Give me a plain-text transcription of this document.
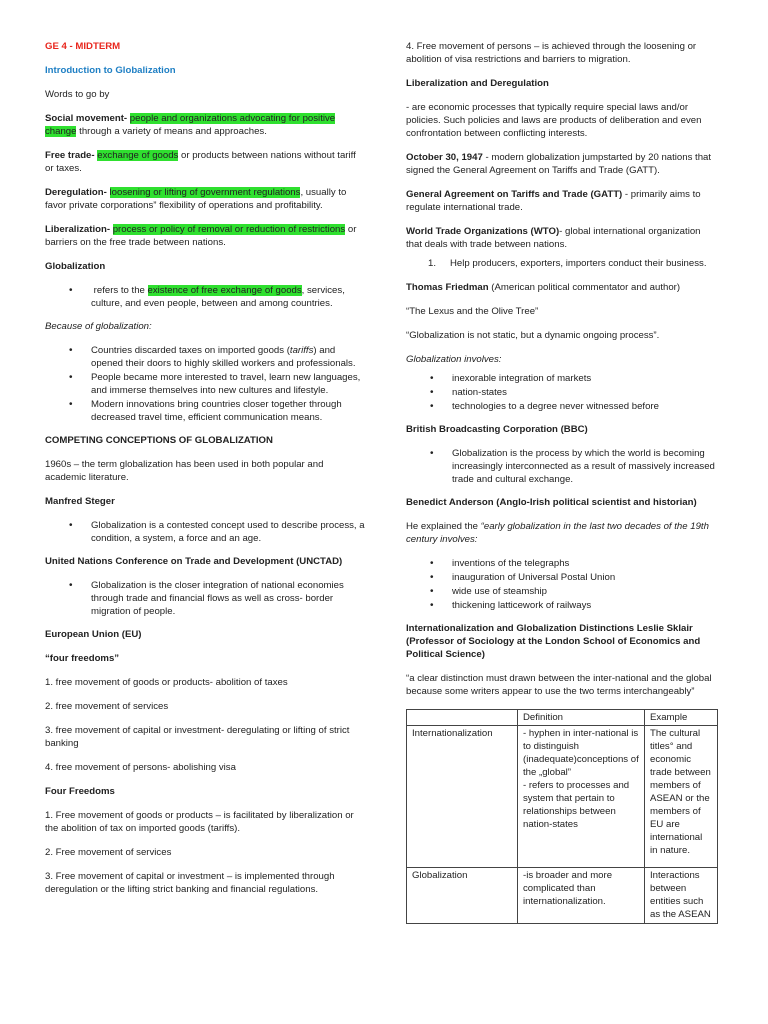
GE 4 - MIDTERM

Introduction to Globalization

Words to go by

Social movement- people and organizations advocating for positive change through a variety of means and approaches.

Free trade- exchange of goods or products between nations without tariff or taxes.

Deregulation- loosening or lifting of government regulations, usually to favor private corporations” flexibility of operations and profitability.

Liberalization- process or policy of removal or reduction of restrictions or barriers on the free trade between nations.

Globalization

• refers to the existence of free exchange of goods, services, culture, and even people, between and among countries.

Because of globalization:

• Countries discarded taxes on imported goods (tariffs) and opened their doors to highly skilled workers and professionals.
• People became more interested to travel, learn new languages, and immerse themselves into new cultures and lifestyle.
• Modern innovations bring countries closer together through decreased travel time, efficient communication means.

COMPETING CONCEPTIONS OF GLOBALIZATION

1960s – the term globalization has been used in both popular and academic literature.

Manfred Steger

• Globalization is a contested concept used to describe process, a condition, a system, a force and an age.

United Nations Conference on Trade and Development (UNCTAD)

• Globalization is the closer integration of national economies through trade and financial flows as well as cross- border migration of people.

European Union (EU)

“four freedoms”

1. free movement of goods or products- abolition of taxes

2. free movement of services

3. free movement of capital or investment- deregulating or lifting of strict banking

4. free movement of persons- abolishing visa

Four Freedoms

1. Free movement of goods or products – is facilitated by liberalization or the abolition of tax on imported goods (tariffs).

2. Free movement of services

3. Free movement of capital or investment – is implemented through deregulation or the lifting strict banking and financial regulations.

4. Free movement of persons – is achieved through the loosening or abolition of visa restrictions and barriers to migration.

Liberalization and Deregulation

- are economic processes that typically require special laws and/or policies. Such policies and laws are products of deliberation and even confrontation between conflicting interests.

October 30, 1947 - modern globalization jumpstarted by 20 nations that signed the General Agreement on Tariffs and Trade (GATT).

General Agreement on Tariffs and Trade (GATT) - primarily aims to regulate international trade.

World Trade Organizations (WTO)- global international organization that deals with trade between nations.

1. Help producers, exporters, importers conduct their business.

Thomas Friedman (American political commentator and author)

“The Lexus and the Olive Tree”

“Globalization is not static, but a dynamic ongoing process”.

Globalization involves:

• inexorable integration of markets
• nation-states
• technologies to a degree never witnessed before

British Broadcasting Corporation (BBC)

• Globalization is the process by which the world is becoming increasingly interconnected as a result of massively increased trade and cultural exchange.

Benedict Anderson (Anglo-Irish political scientist and historian)

He explained the “early globalization in the last two decades of the 19th century involves:

• inventions of the telegraphs
• inauguration of Universal Postal Union
• wide use of steamship
• thickening latticework of railways

Internationalization and Globalization Distinctions Leslie Sklair (Professor of Sociology at the London School of Economics and Political Science)

“a clear distinction must drawn between the inter-national and the global because some writers appear to use the two terms interchangeably”

	Definition	Example
Internationalization	- hyphen in inter-national is to distinguish (inadequate)conceptions of the „global”
- refers to processes and system that pertain to relationships between nation-states	The cultural titles° and economic trade between members of ASEAN or the members of EU are international in nature.
Globalization	-is broader and more complicated than internationalization.	Interactions between entities such as the ASEAN
